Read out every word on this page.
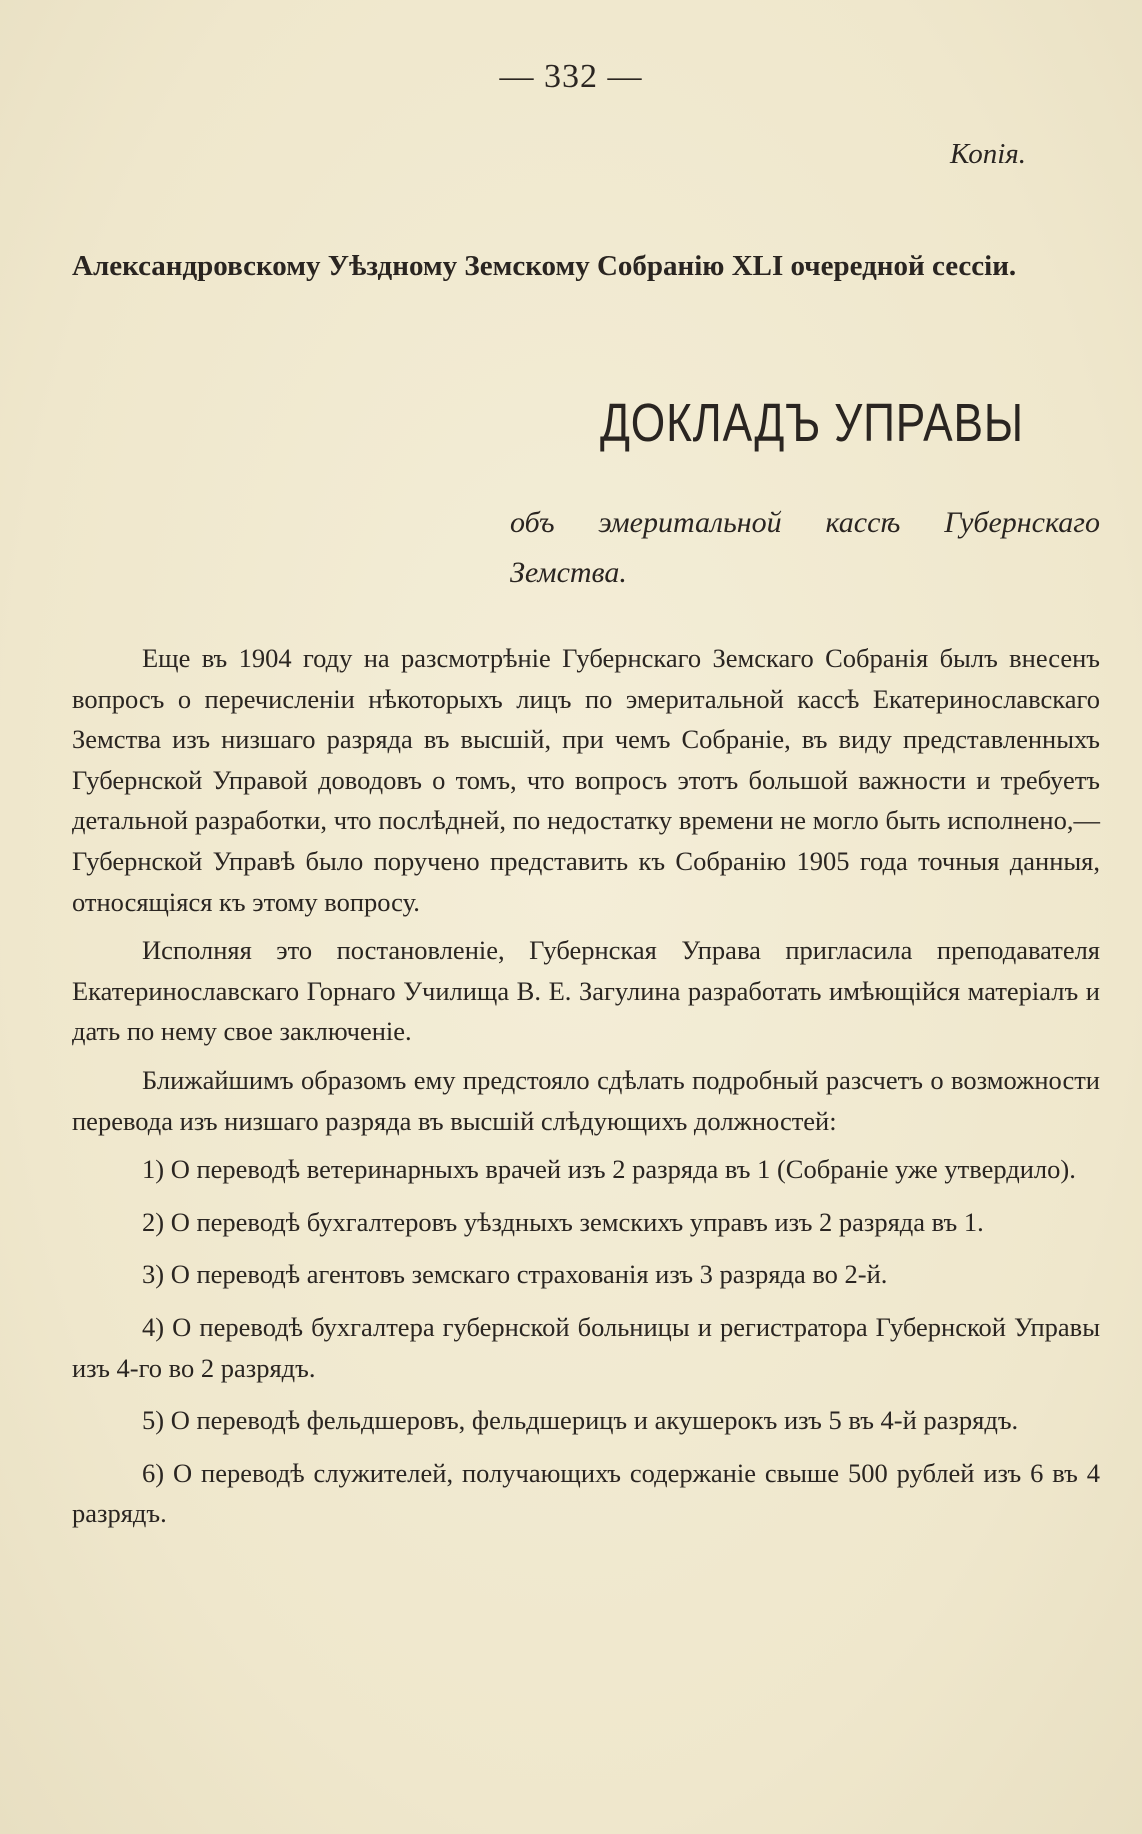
— 332 —
Копія.
Александровскому Уѣздному Земскому Собранію XLI очередной сессіи.
ДОКЛАДЪ УПРАВЫ
объ эмеритальной кассѣ Губернскаго Земства.

Еще въ 1904 году на разсмотрѣніе Губернскаго Земскаго Собранія былъ внесенъ вопросъ о перечисленіи нѣкоторыхъ лицъ по эмеритальной кассѣ Екатеринославскаго Земства изъ низшаго разряда въ высшій, при чемъ Собраніе, въ виду представленныхъ Губернской Управой доводовъ о томъ, что вопросъ этотъ большой важности и требуетъ детальной разработки, что послѣдней, по недостатку времени не могло быть исполнено,—Губернской Управѣ было поручено представить къ Собранію 1905 года точныя данныя, относящіяся къ этому вопросу.

Исполняя это постановленіе, Губернская Управа пригласила преподавателя Екатеринославскаго Горнаго Училища В. Е. Загулина разработать имѣющійся матеріалъ и дать по нему свое заключеніе.

Ближайшимъ образомъ ему предстояло сдѣлать подробный разсчетъ о возможности перевода изъ низшаго разряда въ высшій слѣдующихъ должностей:

1) О переводѣ ветеринарныхъ врачей изъ 2 разряда въ 1 (Собраніе уже утвердило).

2) О переводѣ бухгалтеровъ уѣздныхъ земскихъ управъ изъ 2 разряда въ 1.

3) О переводѣ агентовъ земскаго страхованія изъ 3 разряда во 2-й.

4) О переводѣ бухгалтера губернской больницы и регистратора Губернской Управы изъ 4-го во 2 разрядъ.

5) О переводѣ фельдшеровъ, фельдшерицъ и акушерокъ изъ 5 въ 4-й разрядъ.

6) О переводѣ служителей, получающихъ содержаніе свыше 500 рублей изъ 6 въ 4 разрядъ.
